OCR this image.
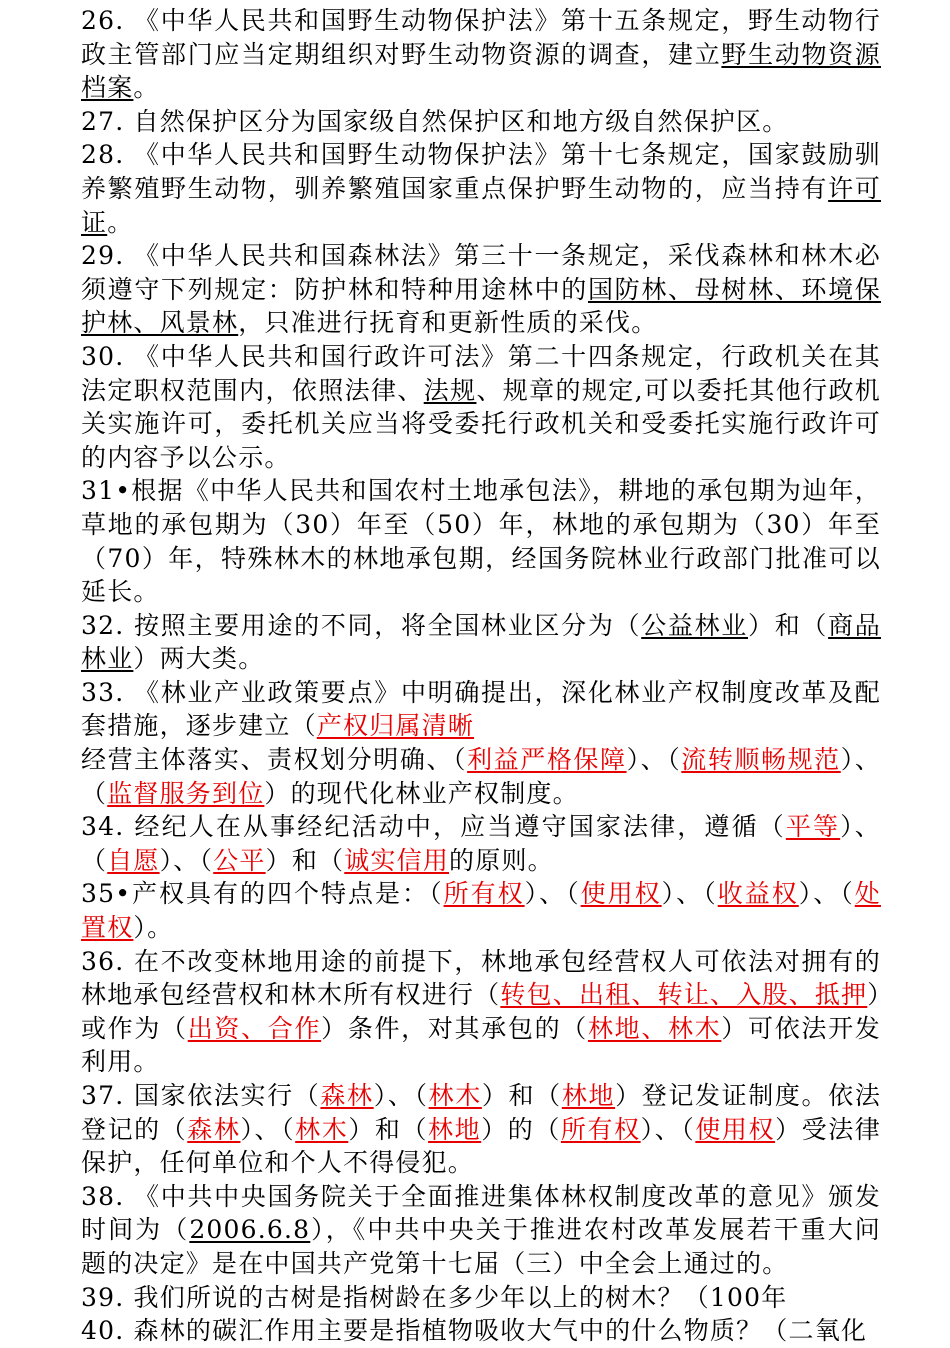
26. 《中华人民共和国野生动物保护法》第十五条规定，野生动物行政主管部门应当定期组织对野生动物资源的调查，建立野生动物资源档案。

27. 自然保护区分为国家级自然保护区和地方级自然保护区。

28. 《中华人民共和国野生动物保护法》第十七条规定，国家鼓励驯养繁殖野生动物，驯养繁殖国家重点保护野生动物的，应当持有许可证。

29. 《中华人民共和国森林法》第三十一条规定，采伐森林和林木必须遵守下列规定：防护林和特种用途林中的国防林、母树林、环境保护林、风景林，只准进行抚育和更新性质的采伐。

30. 《中华人民共和国行政许可法》第二十四条规定，行政机关在其法定职权范围内，依照法律、法规、规章的规定,可以委托其他行政机关实施许可，委托机关应当将受委托行政机关和受委托实施行政许可的内容予以公示。

31•根据《中华人民共和国农村土地承包法》，耕地的承包期为辿年，草地的承包期为（30）年至（50）年，林地的承包期为（30）年至（70）年，特殊林木的林地承包期，经国务院林业行政部门批准可以延长。

32. 按照主要用途的不同，将全国林业区分为（公益林业）和（商品林业）两大类。

33. 《林业产业政策要点》中明确提出，深化林业产权制度改革及配套措施，逐步建立（产权归属清晰
经营主体落实、责权划分明确、（利益严格保障）、（流转顺畅规范）、（监督服务到位）的现代化林业产权制度。

34. 经纪人在从事经纪活动中，应当遵守国家法律，遵循（平等）、（自愿）、（公平）和（诚实信用的原则。

35•产权具有的四个特点是：（所有权）、（使用权）、（收益权）、（处置权）。

36. 在不改变林地用途的前提下，林地承包经营权人可依法对拥有的林地承包经营权和林木所有权进行（转包、出租、转让、入股、抵押）或作为（出资、合作）条件，对其承包的（林地、林木）可依法开发利用。

37. 国家依法实行（森林）、（林木）和（林地）登记发证制度。依法登记的（森林）、（林木）和（林地）的（所有权）、（使用权）受法律保护，任何单位和个人不得侵犯。

38. 《中共中央国务院关于全面推进集体林权制度改革的意见》颁发时间为（2006.6.8），《中共中央关于推进农村改革发展若干重大问题的决定》是在中国共产党第十七届（三）中全会上通过的。

39. 我们所说的古树是指树龄在多少年以上的树木？（100年

40. 森林的碳汇作用主要是指植物吸收大气中的什么物质？（二氧化
